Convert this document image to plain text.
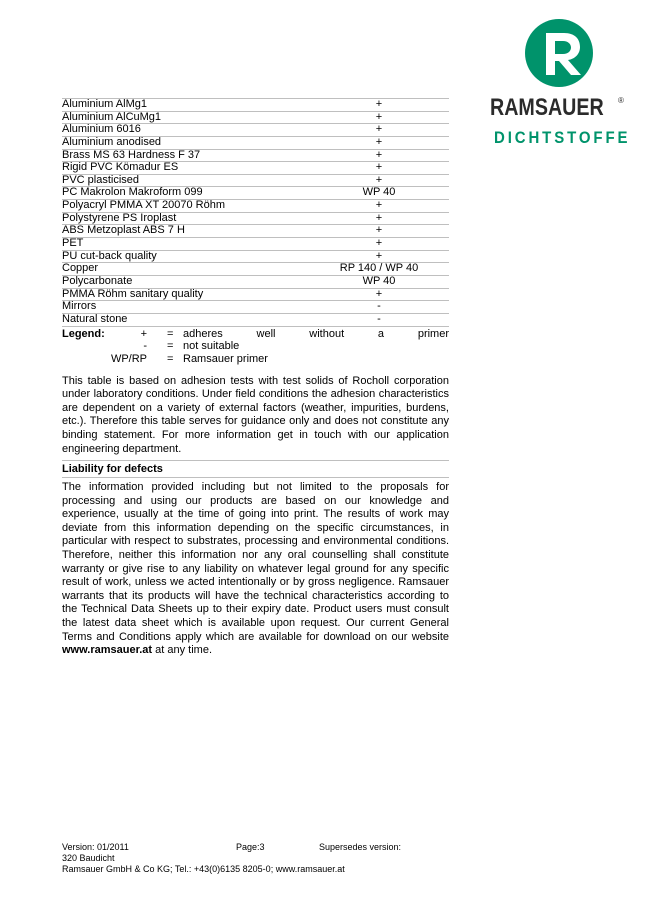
RAMSAUER ®
DICHTSTOFFE
Aluminium AlMg1	+
Aluminium AlCuMg1	+
Aluminium 6016	+
Aluminium anodised	+
Brass MS 63 Hardness F 37	+
Rigid PVC Kömadur ES	+
PVC plasticised	+
PC Makrolon Makroform 099	WP 40
Polyacryl PMMA XT 20070 Röhm	+
Polystyrene PS Iroplast	+
ABS Metzoplast ABS 7 H	+
PET	+
PU cut-back quality	+
Copper	RP 140 / WP 40
Polycarbonate	WP 40
PMMA Röhm sanitary quality	+
Mirrors	-
Natural stone	-
Legend:	+ = adheres	well	without	a	primer
- = not suitable
WP/RP = Ramsauer primer

This table is based on adhesion tests with test solids of Rocholl corporation under laboratory conditions. Under field conditions the adhesion characteristics are dependent on a variety of external factors (weather, impurities, burdens, etc.). Therefore this table serves for guidance only and does not constitute any binding statement. For more information get in touch with our application engineering department.

Liability for defects

The information provided including but not limited to the proposals for processing and using our products are based on our knowledge and experience, usually at the time of going into print. The results of work may deviate from this information depending on the specific circumstances, in particular with respect to substrates, processing and environmental conditions. Therefore, neither this information nor any oral counselling shall constitute warranty or give rise to any liability on whatever legal ground for any specific result of work, unless we acted intentionally or by gross negligence. Ramsauer warrants that its products will have the technical characteristics according to the Technical Data Sheets up to their expiry date. Product users must consult the latest data sheet which is available upon request. Our current General Terms and Conditions apply which are available for download on our website www.ramsauer.at at any time.

Version: 01/2011	Page:3	Supersedes version:
320 Baudicht
Ramsauer GmbH & Co KG; Tel.: +43(0)6135 8205-0; www.ramsauer.at
